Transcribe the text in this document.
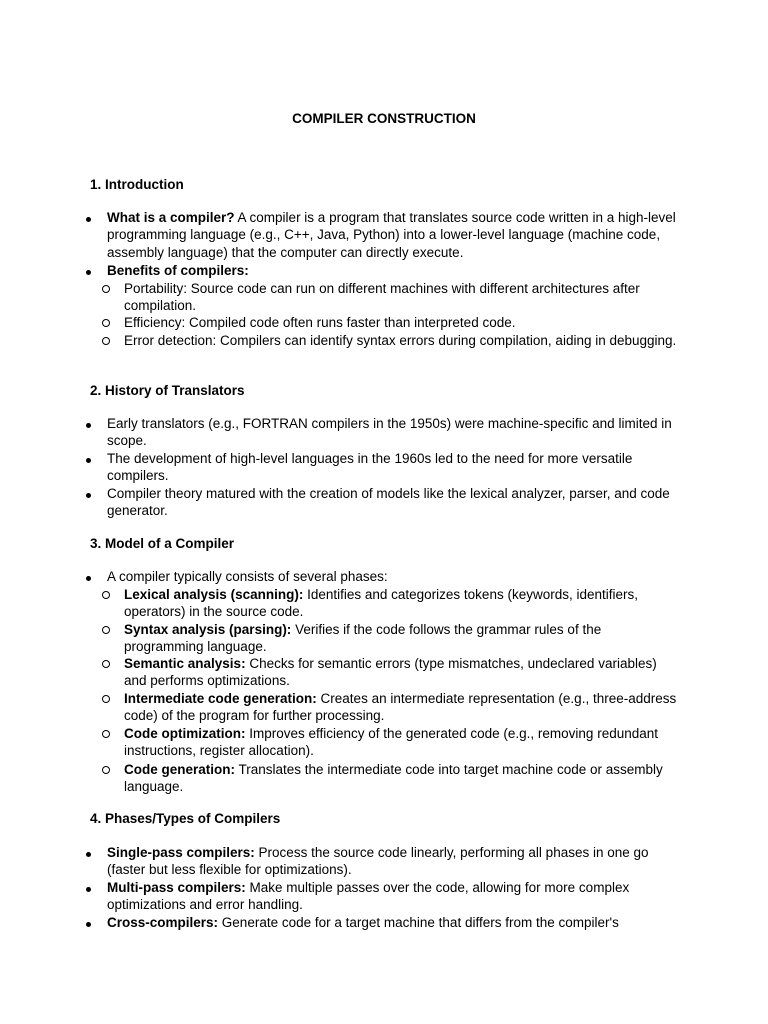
COMPILER CONSTRUCTION
1. Introduction
What is a compiler? A compiler is a program that translates source code written in a high-level programming language (e.g., C++, Java, Python) into a lower-level language (machine code, assembly language) that the computer can directly execute.
Benefits of compilers:
Portability: Source code can run on different machines with different architectures after compilation.
Efficiency: Compiled code often runs faster than interpreted code.
Error detection: Compilers can identify syntax errors during compilation, aiding in debugging.
2. History of Translators
Early translators (e.g., FORTRAN compilers in the 1950s) were machine-specific and limited in scope.
The development of high-level languages in the 1960s led to the need for more versatile compilers.
Compiler theory matured with the creation of models like the lexical analyzer, parser, and code generator.
3. Model of a Compiler
A compiler typically consists of several phases:
Lexical analysis (scanning): Identifies and categorizes tokens (keywords, identifiers, operators) in the source code.
Syntax analysis (parsing): Verifies if the code follows the grammar rules of the programming language.
Semantic analysis: Checks for semantic errors (type mismatches, undeclared variables) and performs optimizations.
Intermediate code generation: Creates an intermediate representation (e.g., three-address code) of the program for further processing.
Code optimization: Improves efficiency of the generated code (e.g., removing redundant instructions, register allocation).
Code generation: Translates the intermediate code into target machine code or assembly language.
4. Phases/Types of Compilers
Single-pass compilers: Process the source code linearly, performing all phases in one go (faster but less flexible for optimizations).
Multi-pass compilers: Make multiple passes over the code, allowing for more complex optimizations and error handling.
Cross-compilers: Generate code for a target machine that differs from the compiler's
